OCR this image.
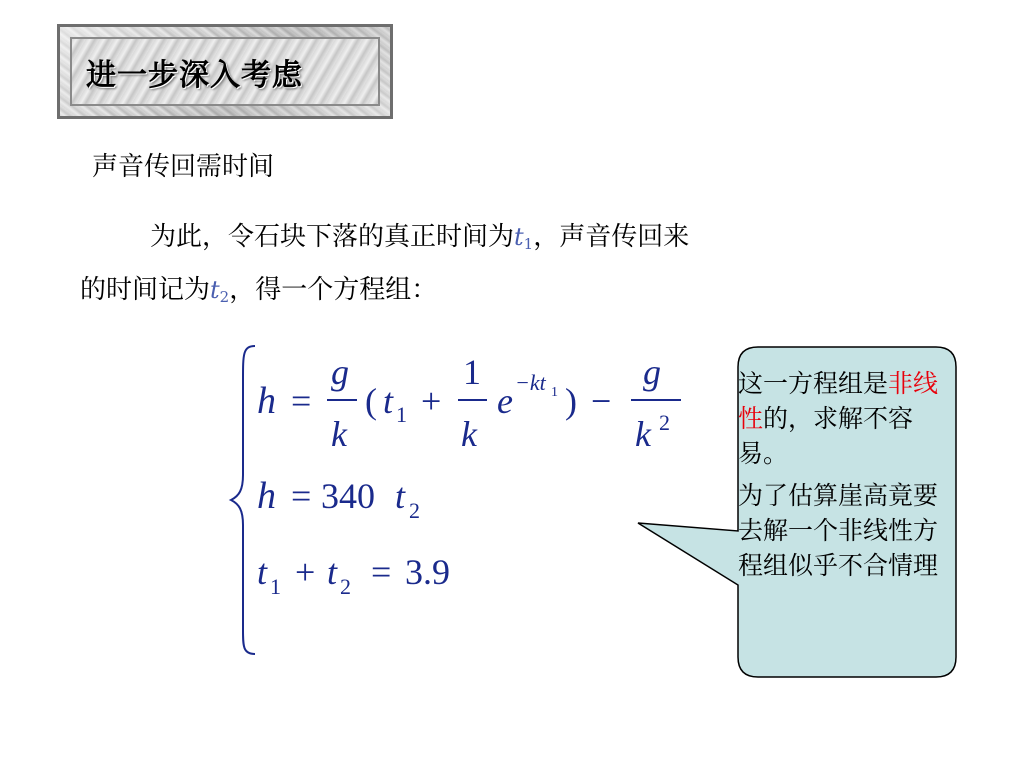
进一步深入考虑
声音传回需时间
为此，令石块下落的真正时间为$t_1$，声音传回来
的时间记为$t_2$，得一个方程组：
h =
g
k
( t 1 +
1
k
e −kt 1 ) −
g
k 2
h = 340 t 2
t 1 + t 2 = 3.9

这一方程组是非线性的，求解不容易。

为了估算崖高竟要去解一个非线性方程组似乎不合情理
